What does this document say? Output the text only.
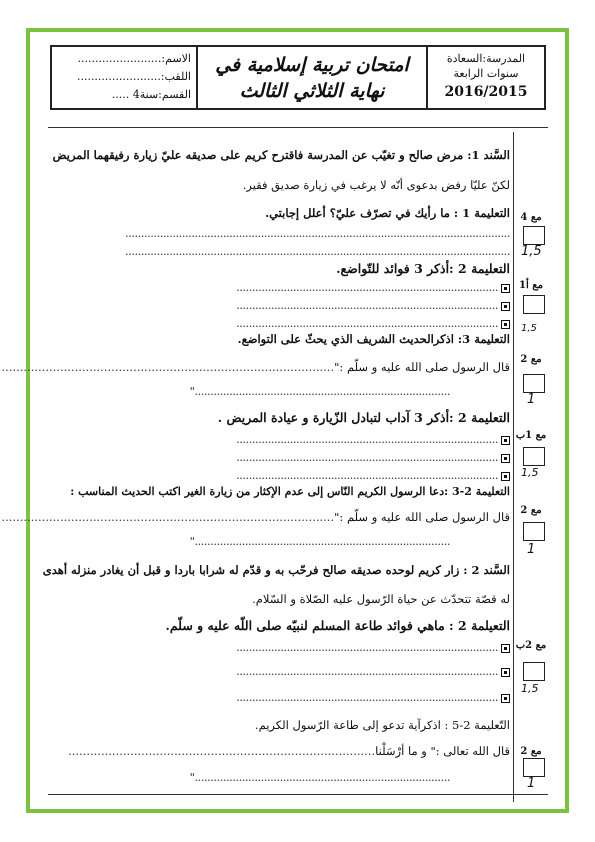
المدرسة:السعادة
سنوات الرابعة
2016/2015
امتحان تربية إسلامية في
نهاية الثلاثي الثالث
الاسم:........................
اللقب:........................
القسم:سنة4 .....
السَّند 1: مرض صالح و تغيّب عن المدرسة فاقترح كريم على صديقه عليّ زيارة رفيقهما المريض
لكنّ عليّا رفض بدعوى أنّه لا يرغب في زيارة صديق فقير.
التعليمة 1 : ما رأيك في تصرّف عليّ؟ أعلل إجابتي.
..........................................................................................................................
..........................................................................................................................
التعليمة 2 :أذكر 3 فوائد للتّواضع.
...................................................................................
...................................................................................
...................................................................................
التعليمة 3: اذكرالحديث الشريف الذي يحثّ على التواضع.
قال الرسول صلى الله عليه و سلّم :"...........................................................................................
................................................................................."
التعليمة 2 :أذكر 3 آداب لتبادل الزّيارة و عيادة المريض .
...................................................................................
...................................................................................
...................................................................................
التعليمة 2-3 :دعا الرسول الكريم النّاس إلى عدم الإكثار من زيارة الغير اكتب الحديث المناسب :
قال الرسول صلى الله عليه و سلّم :"...........................................................................................
................................................................................."
السَّند 2 : زار كريم لوحده صديقه صالح فرحّب به و قدّم له شرابا باردا و قبل أن يغادر منزله أهدى
له قصّة تتحدّث عن حياة الرّسول عليه الصّلاة و السّلام.
التعيلمة 2 : ماهي فوائد طاعة المسلم لنبيّه صلى اللّه عليه و سلّم.
...................................................................................
...................................................................................
...................................................................................
التّعليمة 2-5 : اذكرآية تدعو إلى طاعة الرّسول الكريم.
قال الله تعالى :" و ما أرْسَلْنا....................................................................................
................................................................................."
مع 4
1,5
مع أ1
1,5
مع 2
1
مع 1ب
1,5
مع 2
1
مع 2ب
1,5
مع 2
1
